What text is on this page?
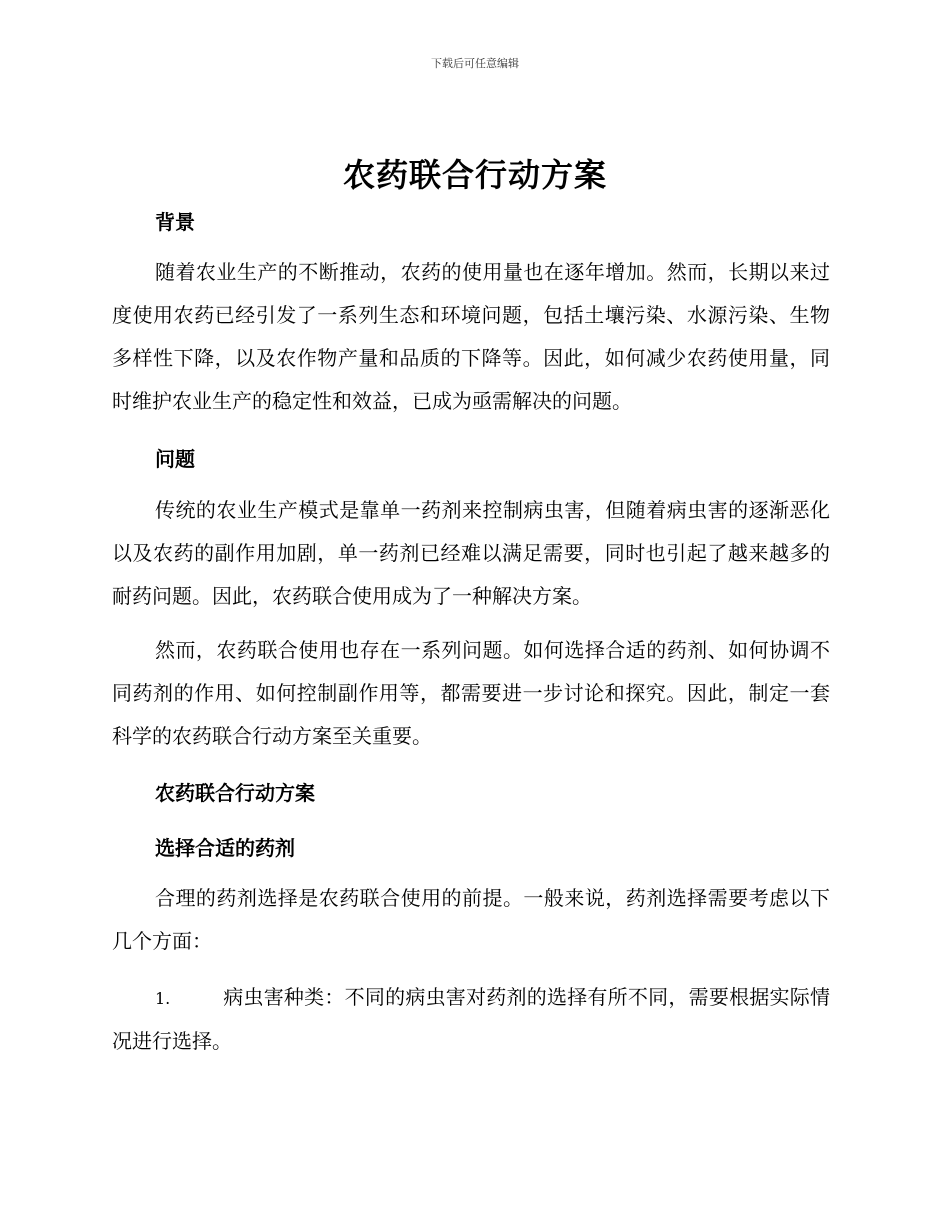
下载后可任意编辑
农药联合行动方案
背景

随着农业生产的不断推动，农药的使用量也在逐年增加。然而，长期以来过度使用农药已经引发了一系列生态和环境问题，包括土壤污染、水源污染、生物多样性下降，以及农作物产量和品质的下降等。因此，如何减少农药使用量，同时维护农业生产的稳定性和效益，已成为亟需解决的问题。

问题

传统的农业生产模式是靠单一药剂来控制病虫害，但随着病虫害的逐渐恶化以及农药的副作用加剧，单一药剂已经难以满足需要，同时也引起了越来越多的耐药问题。因此，农药联合使用成为了一种解决方案。

然而，农药联合使用也存在一系列问题。如何选择合适的药剂、如何协调不同药剂的作用、如何控制副作用等，都需要进一步讨论和探究。因此，制定一套科学的农药联合行动方案至关重要。

农药联合行动方案
选择合适的药剂

合理的药剂选择是农药联合使用的前提。一般来说，药剂选择需要考虑以下几个方面：

1.	病虫害种类：不同的病虫害对药剂的选择有所不同，需要根据实际情况进行选择。
